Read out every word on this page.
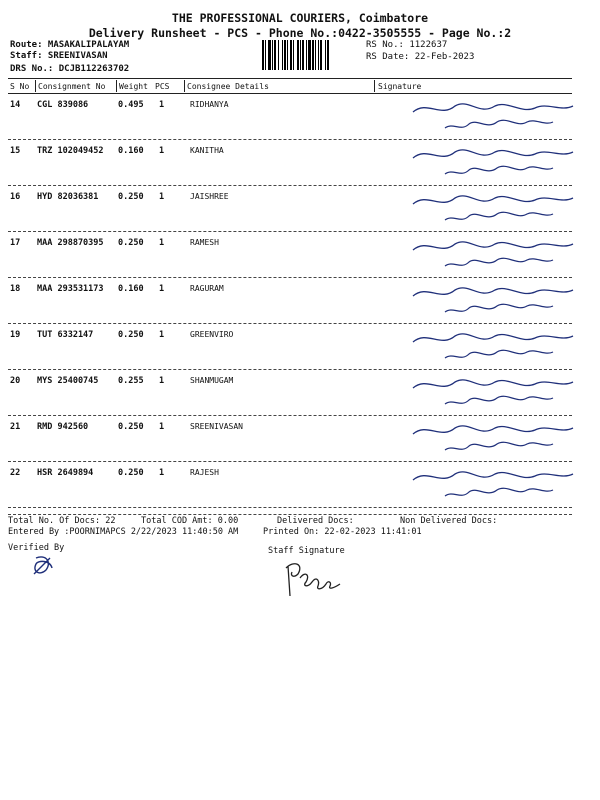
THE PROFESSIONAL COURIERS, Coimbatore
Delivery Runsheet - PCS - Phone No.:0422-3505555 - Page No.:2
Route: MASAKALIPALAYAM
Staff: SREENIVASAN
DRS No.: DCJB112263702
RS No.: 1122637
RS Date: 22-Feb-2023
S No Consignment No Weight PCS Consignee Details	Signature
14 CGL 839086	0.495 1	RIDHANYA
15 TRZ 102049452 0.160 1	KANITHA
16 HYD 82036381 0.250 1	JAISHREE
17 MAA 298870395 0.250 1	RAMESH
18 MAA 293531173 0.160 1	RAGURAM
19 TUT 6332147	0.250 1	GREENVIRO
20 MYS 25400745 0.255 1	SHANMUGAM
21 RMD 942560	0.250 1	SREENIVASAN
22 HSR 2649894	0.250 1	RAJESH
Total No. Of Docs: 22	Total COD Amt: 0.00	Delivered Docs:	Non Delivered Docs:
Entered By :POORNIMAPCS 2/22/2023 11:40:50 AM	Printed On: 22-02-2023 11:41:01
Verified By	Staff Signature
